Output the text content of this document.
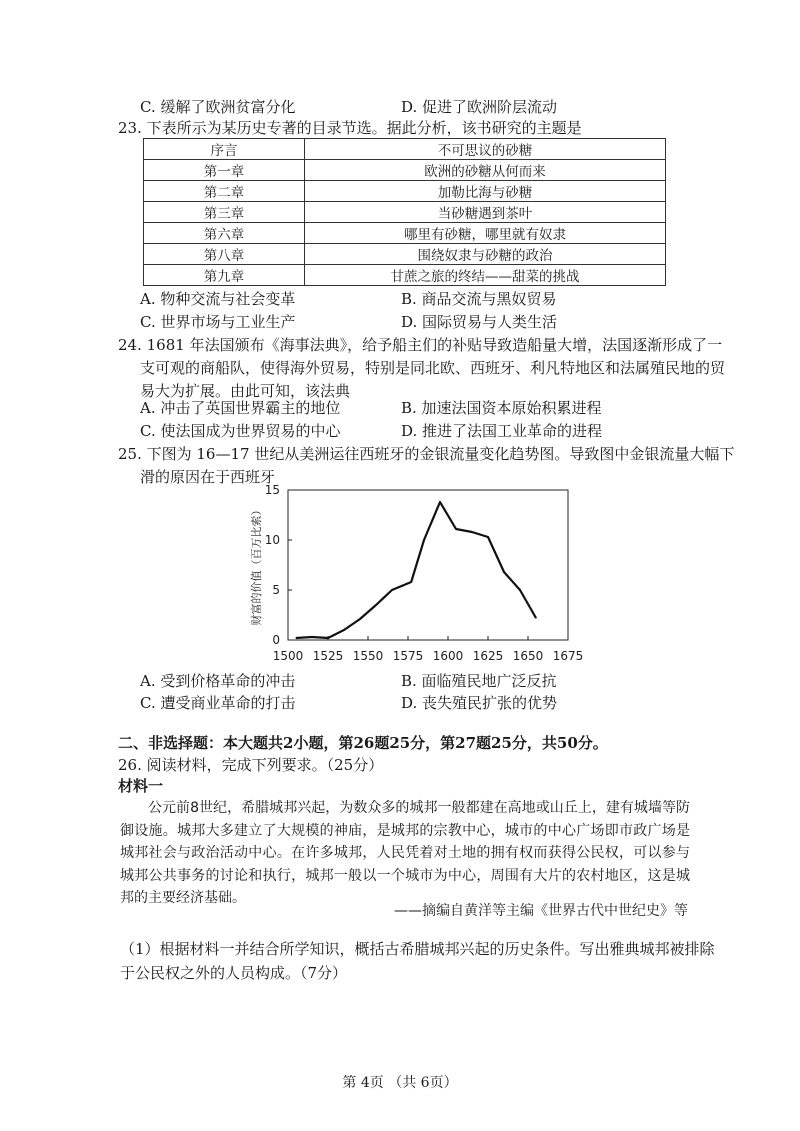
C. 缓解了欧洲贫富分化	D. 促进了欧洲阶层流动
23. 下表所示为某历史专著的目录节选。据此分析，该书研究的主题是
序言	不可思议的砂糖
第一章	欧洲的砂糖从何而来
第二章	加勒比海与砂糖
第三章	当砂糖遇到茶叶
第六章	哪里有砂糖，哪里就有奴隶
第八章	围绕奴隶与砂糖的政治
第九章	甘蔗之旅的终结——甜菜的挑战
A. 物种交流与社会变革	B. 商品交流与黑奴贸易
C. 世界市场与工业生产	D. 国际贸易与人类生活
24. 1681 年法国颁布《海事法典》，给予船主们的补贴导致造船量大增，法国逐渐形成了一
支可观的商船队，使得海外贸易，特别是同北欧、西班牙、利凡特地区和法属殖民地的贸
易大为扩展。由此可知，该法典
A. 冲击了英国世界霸主的地位	B. 加速法国资本原始积累进程
C. 使法国成为世界贸易的中心	D. 推进了法国工业革命的进程
25. 下图为 16—17 世纪从美洲运往西班牙的金银流量变化趋势图。导致图中金银流量大幅下
滑的原因在于西班牙
财富的价值（百万比索）
1500 1525 1550 1575 1600 1625 1650 1675
0
5
10
15
A. 受到价格革命的冲击	B. 面临殖民地广泛反抗
C. 遭受商业革命的打击	D. 丧失殖民扩张的优势
二、非选择题：本大题共2小题，第26题25分，第27题25分，共50分。
26. 阅读材料，完成下列要求。（25分）
材料一

公元前8世纪，希腊城邦兴起，为数众多的城邦一般都建在高地或山丘上，建有城墙等防御设施。城邦大多建立了大规模的神庙，是城邦的宗教中心，城市的中心广场即市政广场是城邦社会与政治活动中心。在许多城邦，人民凭着对土地的拥有权而获得公民权，可以参与城邦公共事务的讨论和执行，城邦一般以一个城市为中心，周围有大片的农村地区，这是城邦的主要经济基础。

——摘编自黄洋等主编《世界古代中世纪史》等
（1）根据材料一并结合所学知识，概括古希腊城邦兴起的历史条件。写出雅典城邦被排除
于公民权之外的人员构成。（7分）
第 4页 （共 6页）
